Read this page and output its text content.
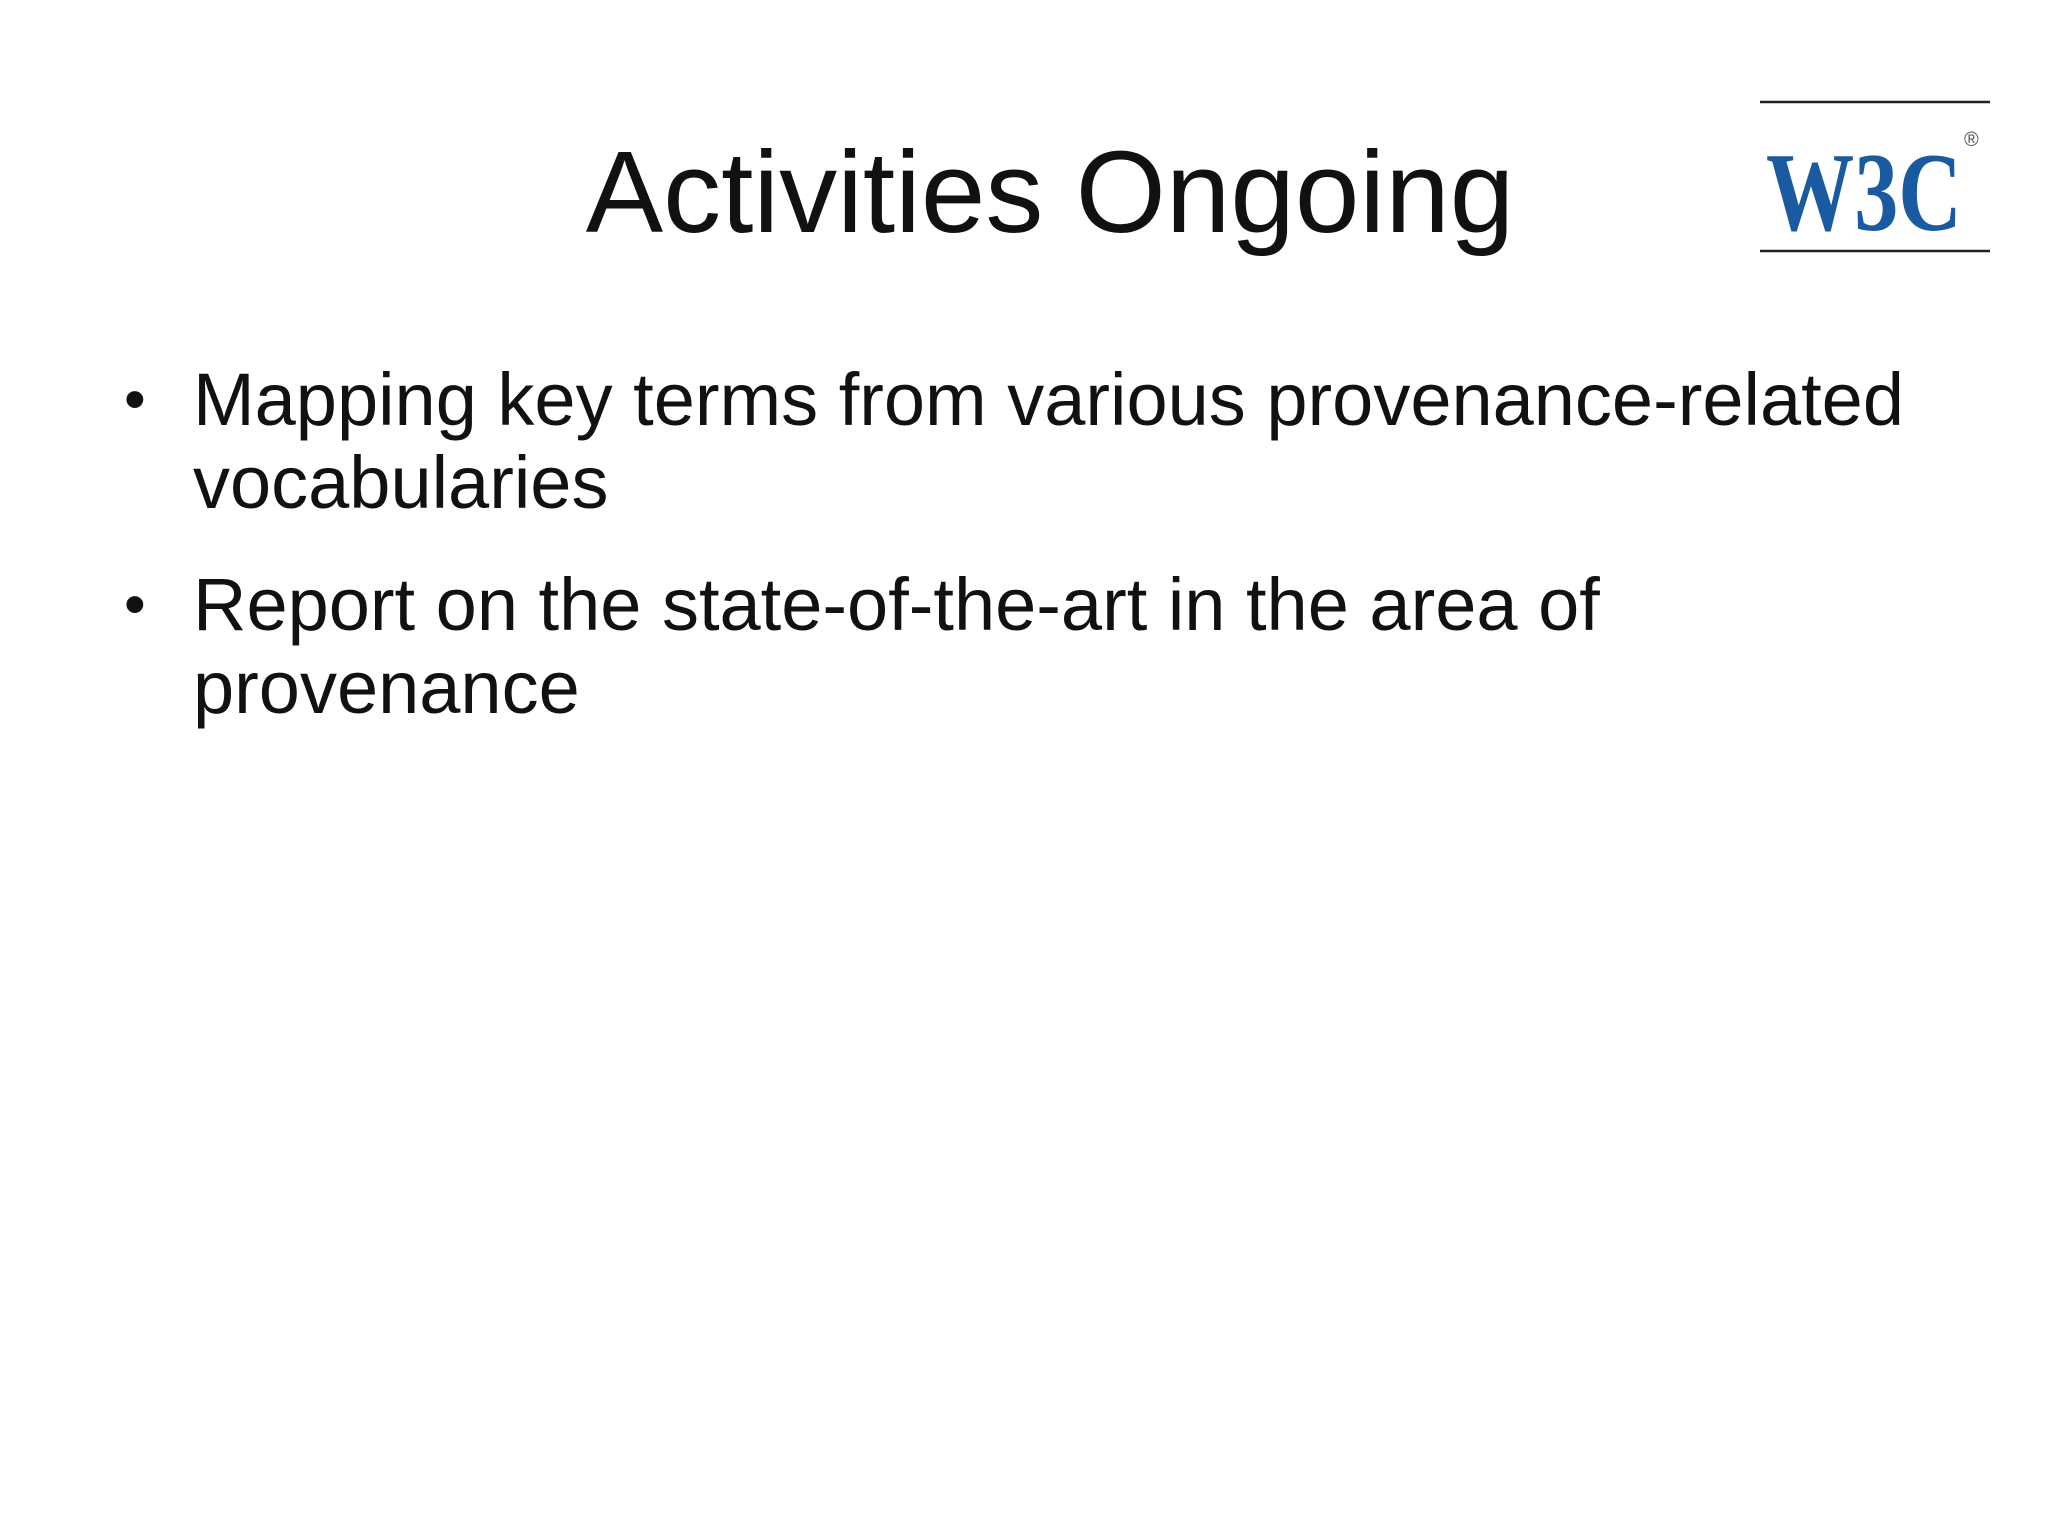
Activities Ongoing	W3C ®
• Mapping key terms from various provenance-related vocabularies
• Report on the state-of-the-art in the area of provenance
